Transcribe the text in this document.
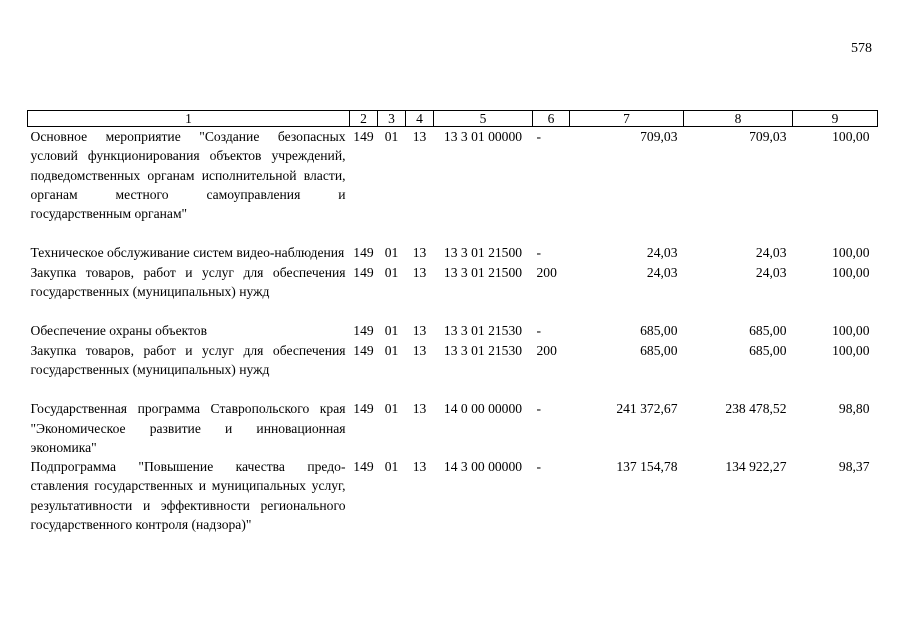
578
1	2	3	4	5	6	7	8	9
Основное мероприятие "Создание безопасных условий функционирования объектов учреждений, подведомственных органам исполнительной власти, органам местного самоуправления и государственным органам"	149	01	13	13 3 01 00000	-	709,03	709,03	100,00

Техническое обслуживание систем видео-наблюдения	149	01	13	13 3 01 21500	-	24,03	24,03	100,00
Закупка товаров, работ и услуг для обеспечения государственных (муниципальных) нужд	149	01	13	13 3 01 21500	200	24,03	24,03	100,00

Обеспечение охраны объектов	149	01	13	13 3 01 21530	-	685,00	685,00	100,00
Закупка товаров, работ и услуг для обеспечения государственных (муниципальных) нужд	149	01	13	13 3 01 21530	200	685,00	685,00	100,00

Государственная программа Ставропольского края "Экономическое развитие и инновационная экономика"	149	01	13	14 0 00 00000	-	241 372,67	238 478,52	98,80
Подпрограмма "Повышение качества предо-ставления государственных и муниципальных услуг, результативности и эффективности регионального государственного контроля (надзора)"	149	01	13	14 3 00 00000	-	137 154,78	134 922,27	98,37
